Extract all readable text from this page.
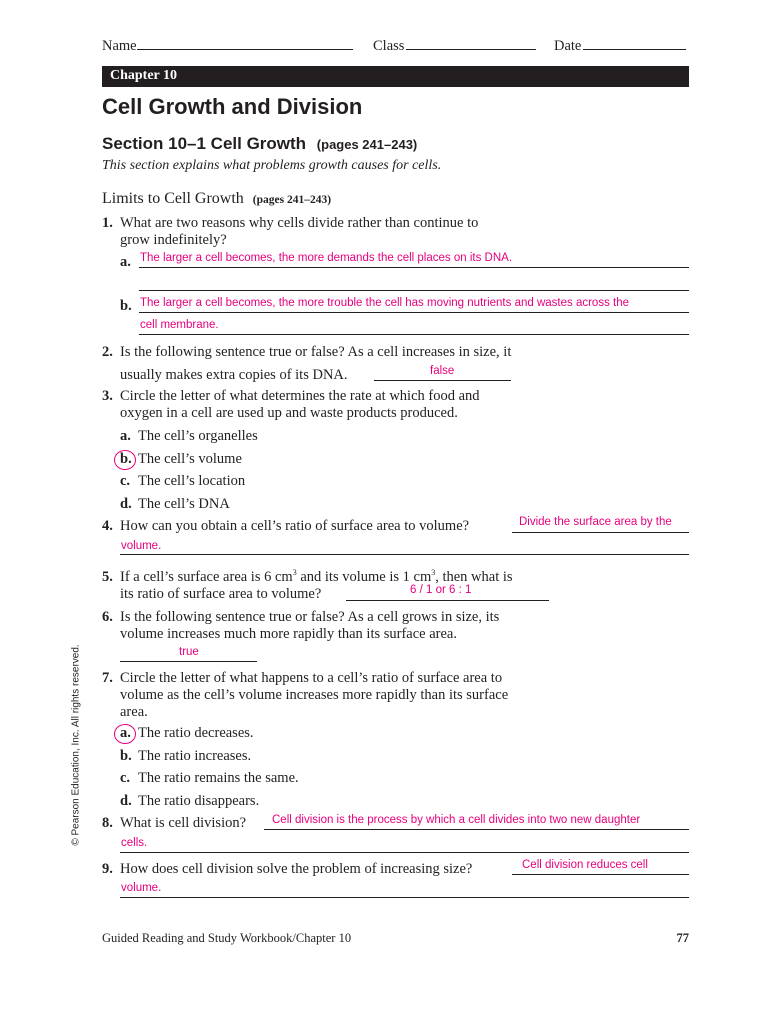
Name	Class	Date
Chapter 10
Cell Growth and Division
Section 10–1 Cell Growth (pages 241–243)
This section explains what problems growth causes for cells.
Limits to Cell Growth (pages 241–243)
1. What are two reasons why cells divide rather than continue to
grow indefinitely?
a. The larger a cell becomes, the more demands the cell places on its DNA.
b. The larger a cell becomes, the more trouble the cell has moving nutrients and wastes across the
cell membrane.
2. Is the following sentence true or false? As a cell increases in size, it
usually makes extra copies of its DNA.	false
3. Circle the letter of what determines the rate at which food and
oxygen in a cell are used up and waste products produced.
a. The cell’s organelles
b. The cell’s volume
c. The cell’s location
d. The cell’s DNA
4. How can you obtain a cell’s ratio of surface area to volume?	Divide the surface area by the
volume.
5. If a cell’s surface area is 6 $cm^3$ and its volume is 1 $cm^3$, then what is
its ratio of surface area to volume?	6 / 1 or 6 : 1
6. Is the following sentence true or false? As a cell grows in size, its
volume increases much more rapidly than its surface area.
true
7. Circle the letter of what happens to a cell’s ratio of surface area to
volume as the cell’s volume increases more rapidly than its surface
area.
a. The ratio decreases.
b. The ratio increases.
c. The ratio remains the same.
d. The ratio disappears.
8. What is cell division? Cell division is the process by which a cell divides into two new daughter
cells.
9. How does cell division solve the problem of increasing size?	Cell division reduces cell
volume.
© Pearson Education, Inc. All rights reserved.
Guided Reading and Study Workbook/Chapter 10	77
